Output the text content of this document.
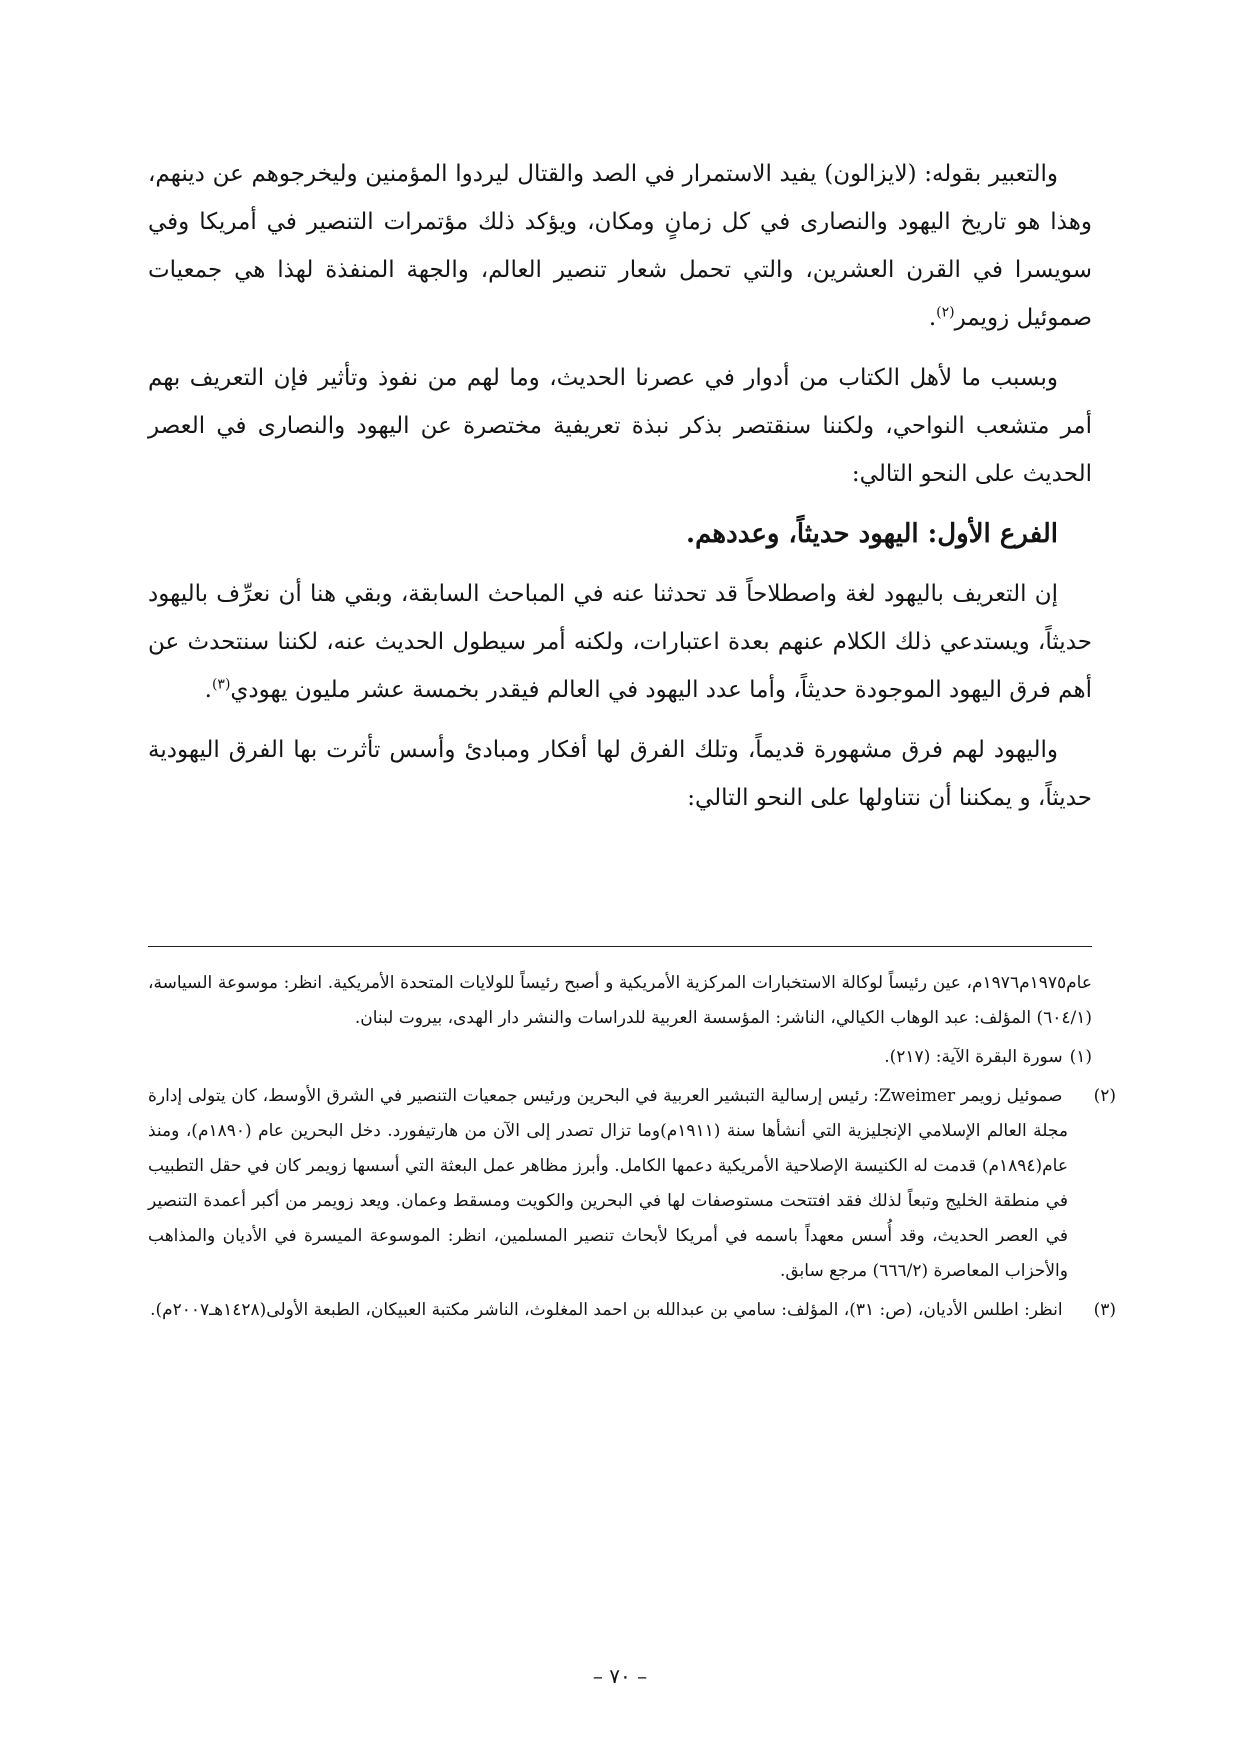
والتعبير بقوله: (لايزالون) يفيد الاستمرار في الصد والقتال ليردوا المؤمنين وليخرجوهم عن دينهم، وهذا هو تاريخ اليهود والنصارى في كل زمانٍ ومكان، ويؤكد ذلك مؤتمرات التنصير في أمريكا وفي سويسرا في القرن العشرين، والتي تحمل شعار تنصير العالم، والجهة المنفذة لهذا هي جمعيات صموئيل زويمر$^{(٢)}$.

وبسبب ما لأهل الكتاب من أدوار في عصرنا الحديث، وما لهم من نفوذ وتأثير فإن التعريف بهم أمر متشعب النواحي، ولكننا سنقتصر بذكر نبذة تعريفية مختصرة عن اليهود والنصارى في العصر الحديث على النحو التالي:

الفرع الأول: اليهود حديثاً، وعددهم.

إن التعريف باليهود لغة واصطلاحاً قد تحدثنا عنه في المباحث السابقة، وبقي هنا أن نعرِّف باليهود حديثاً، ويستدعي ذلك الكلام عنهم بعدة اعتبارات، ولكنه أمر سيطول الحديث عنه، لكننا سنتحدث عن أهم فرق اليهود الموجودة حديثاً، وأما عدد اليهود في العالم فيقدر بخمسة عشر مليون يهودي$^{(٣)}$.

واليهود لهم فرق مشهورة قديماً، وتلك الفرق لها أفكار ومبادئ وأسس تأثرت بها الفرق اليهودية حديثاً، و يمكننا أن نتناولها على النحو التالي:

عام١٩٧٥م١٩٧٦م، عين رئيساً لوكالة الاستخبارات المركزية الأمريكية و أصبح رئيساً للولايات المتحدة الأمريكية. انظر: موسوعة السياسة، (٦٠٤/١) المؤلف: عبد الوهاب الكيالي، الناشر: المؤسسة العربية للدراسات والنشر دار الهدى، بيروت لبنان.

(١) سورة البقرة الآية: (٢١٧).

(٢) صموئيل زويمر Zweimer: رئيس إرسالية التبشير العربية في البحرين ورئيس جمعيات التنصير في الشرق الأوسط، كان يتولى إدارة مجلة العالم الإسلامي الإنجليزية التي أنشأها سنة (١٩١١م)وما تزال تصدر إلى الآن من هارتيفورد. دخل البحرين عام (١٨٩٠م)، ومنذ عام(١٨٩٤م) قدمت له الكنيسة الإصلاحية الأمريكية دعمها الكامل. وأبرز مظاهر عمل البعثة التي أسسها زويمر كان في حقل التطبيب في منطقة الخليج وتبعاً لذلك فقد افتتحت مستوصفات لها في البحرين والكويت ومسقط وعمان. ويعد زويمر من أكبر أعمدة التنصير في العصر الحديث، وقد أُسس معهداً باسمه في أمريكا لأبحاث تنصير المسلمين، انظر: الموسوعة الميسرة في الأديان والمذاهب والأحزاب المعاصرة (٦٦٦/٢) مرجع سابق.

(٣) انظر: اطلس الأديان، (ص: ٣١)، المؤلف: سامي بن عبدالله بن احمد المغلوث، الناشر مكتبة العبيكان، الطبعة الأولى(١٤٢٨هـ٢٠٠٧م).

– ٧٠ –
